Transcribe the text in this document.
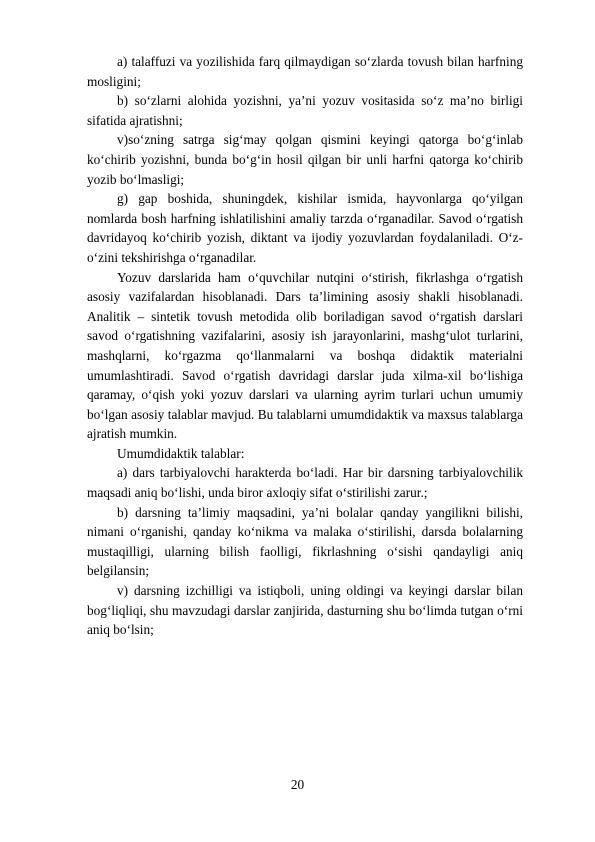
a) talaffuzi va yozilishida farq qilmaydigan so‘zlarda tovush bilan harfning mosligini;

b) so‘zlarni alohida yozishni, ya’ni yozuv vositasida so‘z ma’no birligi sifatida ajratishni;

v)so‘zning satrga sig‘may qolgan qismini keyingi qatorga bo‘g‘inlab ko‘chirib yozishni, bunda bo‘g‘in hosil qilgan bir unli harfni qatorga ko‘chirib yozib bo‘lmasligi;

g) gap boshida, shuningdek, kishilar ismida, hayvonlarga qo‘yilgan nomlarda bosh harfning ishlatilishini amaliy tarzda o‘rganadilar. Savod o‘rgatish davridayoq ko‘chirib yozish, diktant va ijodiy yozuvlardan foydalaniladi. O‘z-o‘zini tekshirishga o‘rganadilar.

Yozuv darslarida ham o‘quvchilar nutqini o‘stirish, fikrlashga o‘rgatish asosiy vazifalardan hisoblanadi. Dars ta’limining asosiy shakli hisoblanadi. Analitik – sintetik tovush metodida olib boriladigan savod o‘rgatish darslari savod o‘rgatishning vazifalarini, asosiy ish jarayonlarini, mashg‘ulot turlarini, mashqlarni, ko‘rgazma qo‘llanmalarni va boshqa didaktik materialni umumlashtiradi. Savod o‘rgatish davridagi darslar juda xilma-xil bo‘lishiga qaramay, o‘qish yoki yozuv darslari va ularning ayrim turlari uchun umumiy bo‘lgan asosiy talablar mavjud. Bu talablarni umumdidaktik va maxsus talablarga ajratish mumkin.

Umumdidaktik talablar:

a) dars tarbiyalovchi harakterda bo‘ladi. Har bir darsning tarbiyalovchilik maqsadi aniq bo‘lishi, unda biror axloqiy sifat o‘stirilishi zarur.;

b) darsning ta’limiy maqsadini, ya’ni bolalar qanday yangilikni bilishi, nimani o‘rganishi, qanday ko‘nikma va malaka o‘stirilishi, darsda bolalarning mustaqilligi, ularning bilish faolligi, fikrlashning o‘sishi qandayligi aniq belgilansin;

v) darsning izchilligi va istiqboli, uning oldingi va keyingi darslar bilan bog‘liqliqi, shu mavzudagi darslar zanjirida, dasturning shu bo‘limda tutgan o‘rni aniq bo‘lsin;

20
